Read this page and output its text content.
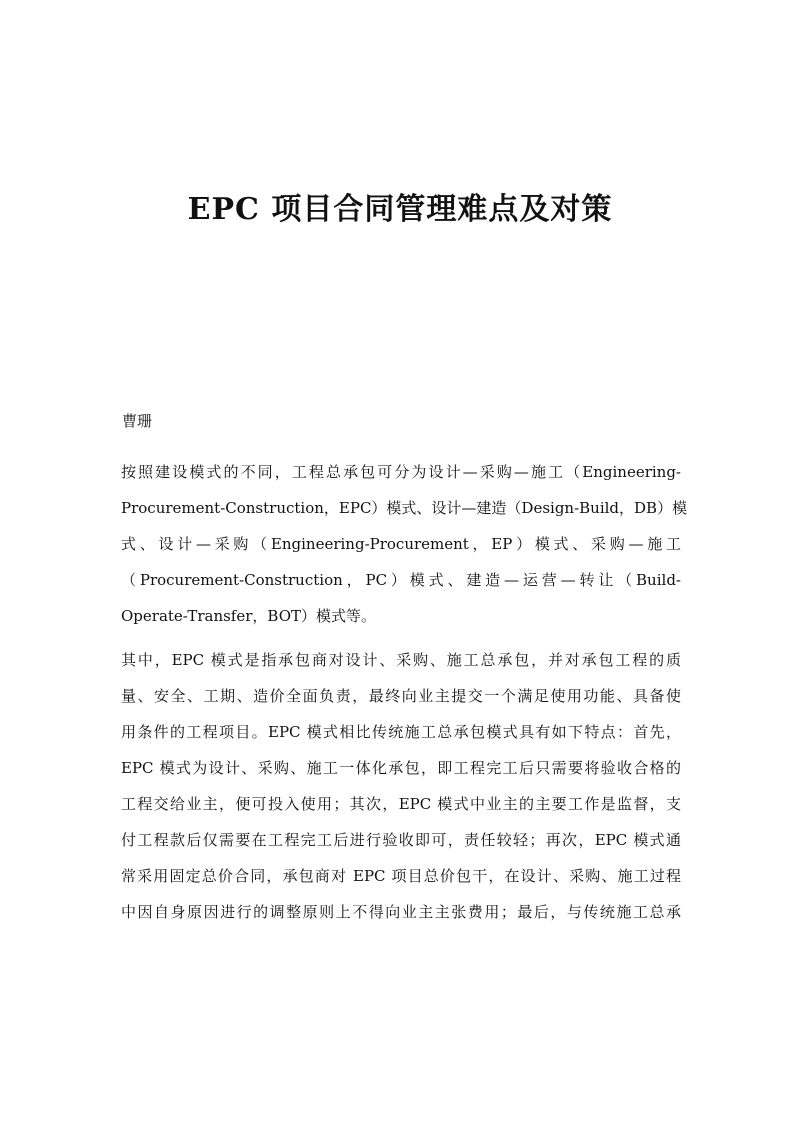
EPC 项目合同管理难点及对策

曹珊

按照建设模式的不同，工程总承包可分为设计—采购—施工（Engineering-
Procurement-Construction，EPC）模式、设计—建造（Design-Build，DB）模
式、设计—采购（Engineering-Procurement，EP）模式、采购—施工
（Procurement-Construction，PC）模式、建造—运营—转让（Build-
Operate-Transfer，BOT）模式等。

其中，EPC 模式是指承包商对设计、采购、施工总承包，并对承包工程的质
量、安全、工期、造价全面负责，最终向业主提交一个满足使用功能、具备使
用条件的工程项目。EPC 模式相比传统施工总承包模式具有如下特点：首先，
EPC 模式为设计、采购、施工一体化承包，即工程完工后只需要将验收合格的
工程交给业主，便可投入使用；其次，EPC 模式中业主的主要工作是监督，支
付工程款后仅需要在工程完工后进行验收即可，责任较轻；再次，EPC 模式通
常采用固定总价合同，承包商对 EPC 项目总价包干，在设计、采购、施工过程
中因自身原因进行的调整原则上不得向业主主张费用；最后，与传统施工总承
